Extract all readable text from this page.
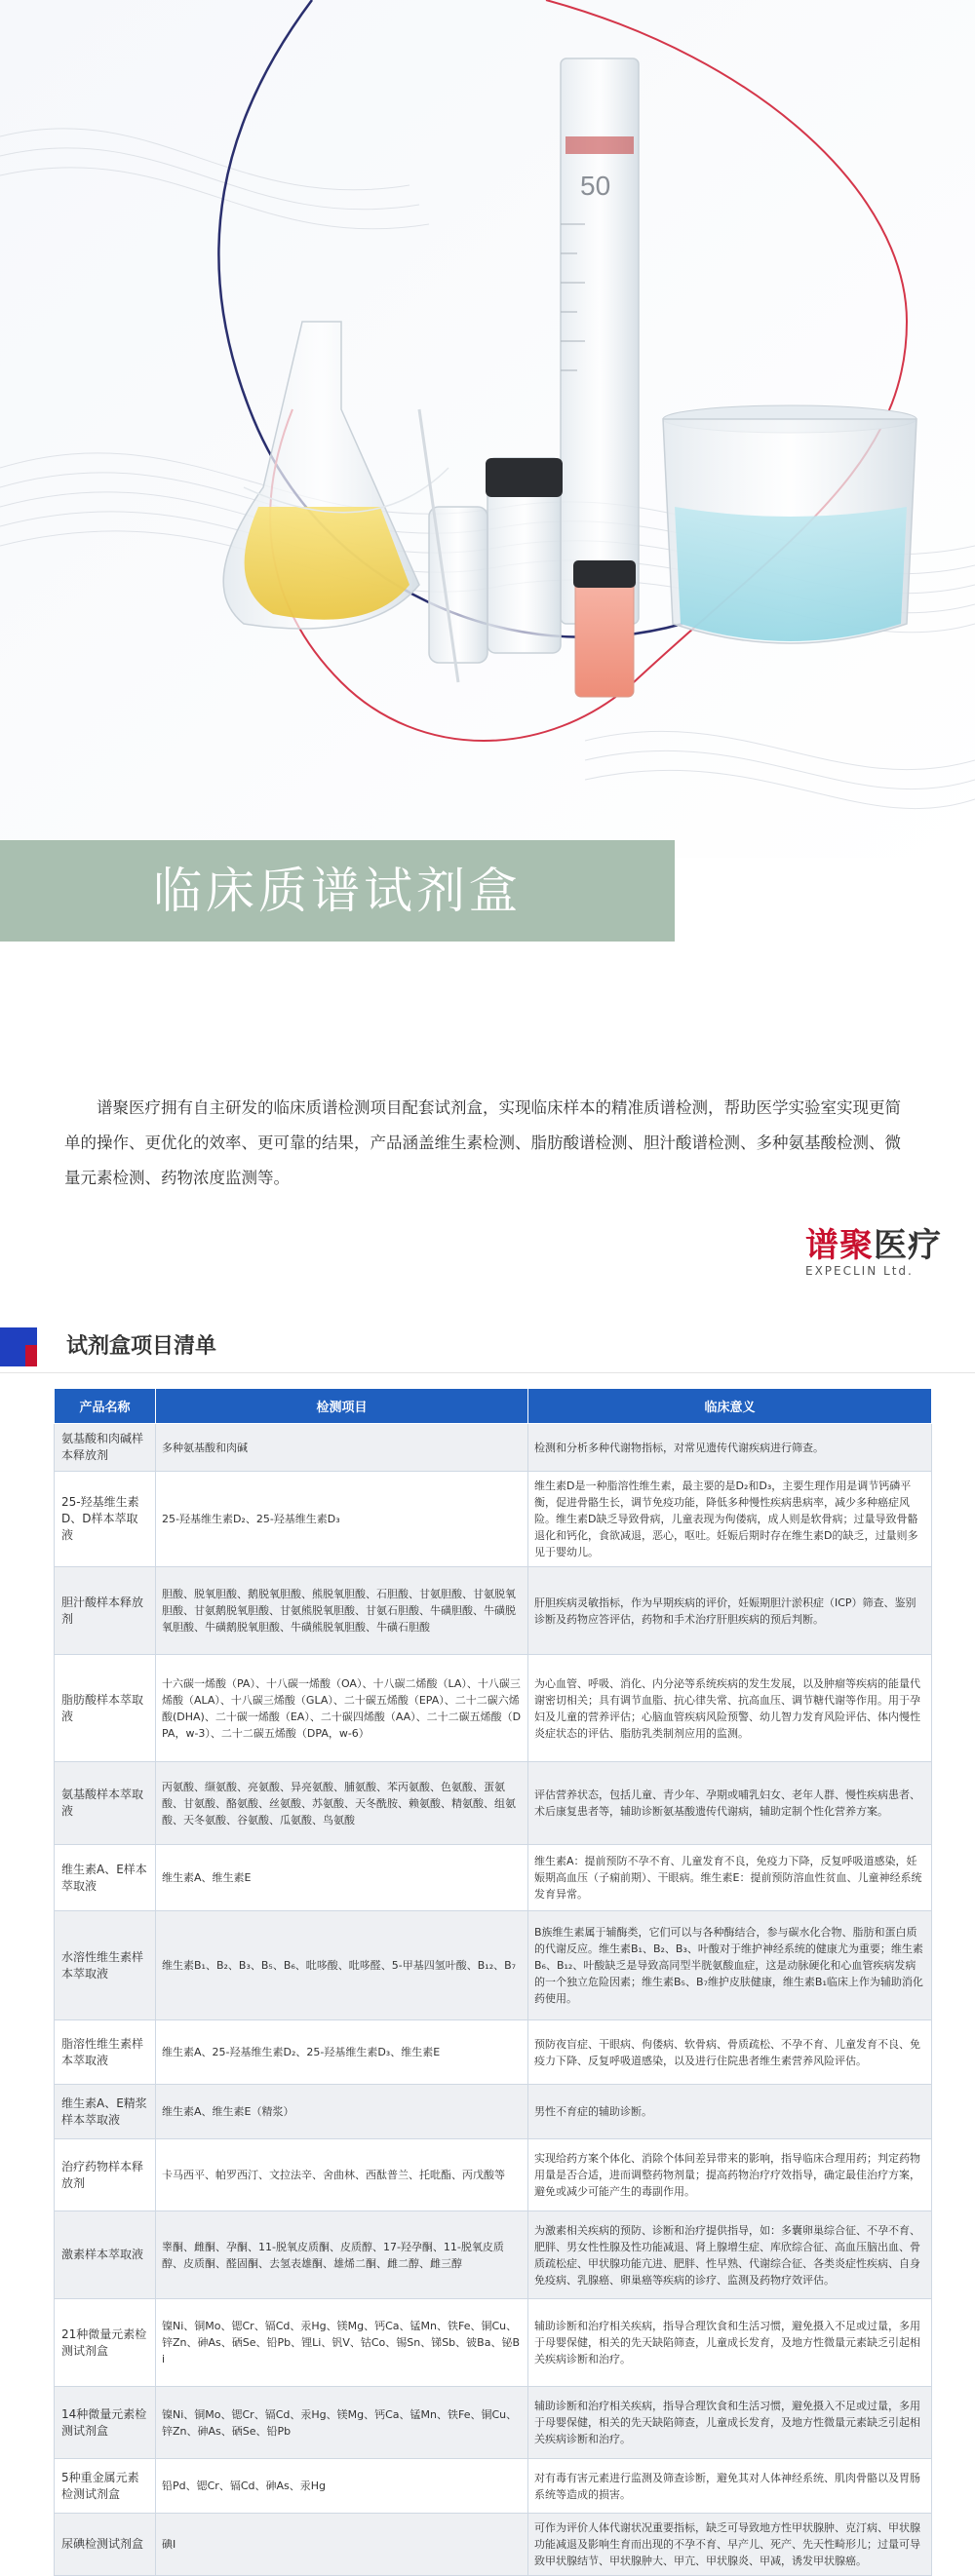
50
临床质谱试剂盒

谱聚医疗拥有自主研发的临床质谱检测项目配套试剂盒，实现临床样本的精准质谱检测，帮助医学实验室实现更简单的操作、更优化的效率、更可靠的结果，产品涵盖维生素检测、脂肪酸谱检测、胆汁酸谱检测、多种氨基酸检测、微量元素检测、药物浓度监测等。

谱聚医疗
EXPECLIN Ltd.
试剂盒项目清单
产品名称	检测项目	临床意义
氨基酸和肉碱样本释放剂	多种氨基酸和肉碱	检测和分析多种代谢物指标，对常见遗传代谢疾病进行筛查。
25-羟基维生素D、D样本萃取液	25-羟基维生素D₂、25-羟基维生素D₃	维生素D是一种脂溶性维生素，最主要的是D₂和D₃，主要生理作用是调节钙磷平衡，促进骨骼生长，调节免疫功能，降低多种慢性疾病患病率，减少多种癌症风险。维生素D缺乏导致骨病，儿童表现为佝偻病，成人则是软骨病；过量导致骨骼退化和钙化，食欲减退，恶心，呕吐。妊娠后期时存在维生素D的缺乏，过量则多见于婴幼儿。
胆汁酸样本释放剂	胆酸、脱氧胆酸、鹅脱氧胆酸、熊脱氧胆酸、石胆酸、甘氨胆酸、甘氨脱氧胆酸、甘氨鹅脱氧胆酸、甘氨熊脱氧胆酸、甘氨石胆酸、牛磺胆酸、牛磺脱氧胆酸、牛磺鹅脱氧胆酸、牛磺熊脱氧胆酸、牛磺石胆酸	肝胆疾病灵敏指标，作为早期疾病的评价，妊娠期胆汁淤积症（ICP）筛查、鉴别诊断及药物应答评估，药物和手术治疗肝胆疾病的预后判断。
脂肪酸样本萃取液	十六碳一烯酸（PA）、十八碳一烯酸（OA）、十八碳二烯酸（LA）、十八碳三烯酸（ALA）、十八碳三烯酸（GLA）、二十碳五烯酸（EPA）、二十二碳六烯酸(DHA)、二十碳一烯酸（EA）、二十碳四烯酸（AA）、二十二碳五烯酸（DPA，w-3）、二十二碳五烯酸（DPA，w-6）	为心血管、呼吸、消化、内分泌等系统疾病的发生发展，以及肿瘤等疾病的能量代谢密切相关；具有调节血脂、抗心律失常、抗高血压、调节糖代谢等作用。用于孕妇及儿童的营养评估；心脑血管疾病风险预警、幼儿智力发育风险评估、体内慢性炎症状态的评估、脂肪乳类制剂应用的监测。
氨基酸样本萃取液	丙氨酸、缬氨酸、亮氨酸、异亮氨酸、脯氨酸、苯丙氨酸、色氨酸、蛋氨酸、甘氨酸、酪氨酸、丝氨酸、苏氨酸、天冬酰胺、赖氨酸、精氨酸、组氨酸、天冬氨酸、谷氨酸、瓜氨酸、鸟氨酸	评估营养状态，包括儿童、青少年、孕期或哺乳妇女、老年人群、慢性疾病患者、术后康复患者等，辅助诊断氨基酸遗传代谢病，辅助定制个性化营养方案。
维生素A、E样本萃取液	维生素A、维生素E	维生素A：提前预防不孕不育、儿童发育不良，免疫力下降，反复呼吸道感染，妊娠期高血压（子痫前期）、干眼病。维生素E：提前预防溶血性贫血、儿童神经系统发育异常。
水溶性维生素样本萃取液	维生素B₁、B₂、B₃、B₅、B₆、吡哆酸、吡哆醛、5-甲基四氢叶酸、B₁₂、B₇	B族维生素属于辅酶类，它们可以与各种酶结合，参与碳水化合物、脂肪和蛋白质的代谢反应。维生素B₁、B₂、B₃、叶酸对于维护神经系统的健康尤为重要；维生素B₆、B₁₂、叶酸缺乏是导致高同型半胱氨酸血症，这是动脉硬化和心血管疾病发病的一个独立危险因素；维生素B₅、B₇维护皮肤健康，维生素B₁临床上作为辅助消化药使用。
脂溶性维生素样本萃取液	维生素A、25-羟基维生素D₂、25-羟基维生素D₃、维生素E	预防夜盲症、干眼病、佝偻病、软骨病、骨质疏松、不孕不育、儿童发育不良、免疫力下降、反复呼吸道感染，以及进行住院患者维生素营养风险评估。
维生素A、E精浆样本萃取液	维生素A、维生素E（精浆）	男性不育症的辅助诊断。
治疗药物样本释放剂	卡马西平、帕罗西汀、文拉法辛、舍曲林、西酞普兰、托吡酯、丙戊酸等	实现给药方案个体化、消除个体间差异带来的影响，指导临床合理用药；判定药物用量是否合适，进而调整药物剂量；提高药物治疗疗效指导，确定最佳治疗方案，避免或减少可能产生的毒副作用。
激素样本萃取液	睾酮、雌酮、孕酮、11-脱氧皮质酮、皮质醇、17-羟孕酮、11-脱氧皮质醇、皮质酮、醛固酮、去氢表雄酮、雄烯二酮、雌二醇、雌三醇	为激素相关疾病的预防、诊断和治疗提供指导，如：多囊卵巢综合征、不孕不育、肥胖、男女性性腺及性功能减退、肾上腺增生症、库欣综合征、高血压脑出血、骨质疏松症、甲状腺功能亢进、肥胖、性早熟、代谢综合征、各类炎症性疾病、自身免疫病、乳腺癌、卵巢癌等疾病的诊疗、监测及药物疗效评估。
21种微量元素检测试剂盒	镍Ni、铜Mo、锶Cr、镉Cd、汞Hg、镁Mg、钙Ca、锰Mn、铁Fe、铜Cu、锌Zn、砷As、硒Se、铅Pb、锂Li、钒V、钴Co、锡Sn、锑Sb、铍Ba、铋Bi	辅助诊断和治疗相关疾病，指导合理饮食和生活习惯，避免摄入不足或过量，多用于母婴保健，相关的先天缺陷筛查，儿童成长发育，及地方性微量元素缺乏引起相关疾病诊断和治疗。
14种微量元素检测试剂盒	镍Ni、铜Mo、锶Cr、镉Cd、汞Hg、镁Mg、钙Ca、锰Mn、铁Fe、铜Cu、锌Zn、砷As、硒Se、铅Pb	辅助诊断和治疗相关疾病，指导合理饮食和生活习惯，避免摄入不足或过量，多用于母婴保健，相关的先天缺陷筛查，儿童成长发育，及地方性微量元素缺乏引起相关疾病诊断和治疗。
5种重金属元素检测试剂盒	铅Pd、锶Cr、镉Cd、砷As、汞Hg	对有毒有害元素进行监测及筛查诊断，避免其对人体神经系统、肌肉骨骼以及胃肠系统等造成的损害。
尿碘检测试剂盒	碘I	可作为评价人体代谢状况重要指标，缺乏可导致地方性甲状腺肿、克汀病、甲状腺功能减退及影响生育而出现的不孕不育、早产儿、死产、先天性畸形儿；过量可导致甲状腺结节、甲状腺肿大、甲亢、甲状腺炎、甲减，诱发甲状腺癌。
